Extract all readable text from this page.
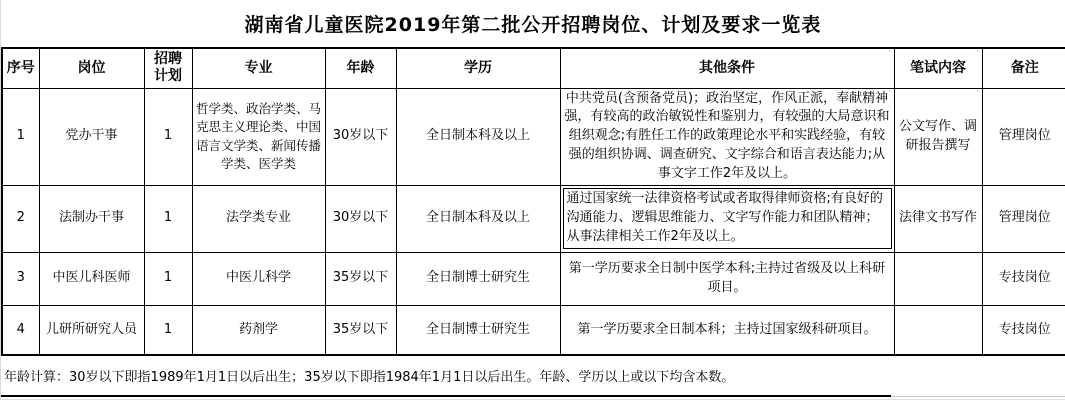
湖南省儿童医院2019年第二批公开招聘岗位、计划及要求一览表
序号	岗位	招聘计划	专业	年龄	学历	其他条件	笔试内容	备注
1	党办干事	1	哲学类、政治学类、马克思主义理论类、中国语言文学类、新闻传播学类、医学类	30岁以下	全日制本科及以上	中共党员(含预备党员)；政治坚定，作风正派，奉献精神强，有较高的政治敏锐性和鉴别力，有较强的大局意识和组织观念;有胜任工作的政策理论水平和实践经验，有较强的组织协调、调查研究、文字综合和语言表达能力;从事文字工作2年及以上。	公文写作、调研报告撰写	管理岗位
2	法制办干事	1	法学类专业	30岁以下	全日制本科及以上	通过国家统一法律资格考试或者取得律师资格;有良好的沟通能力、逻辑思维能力、文字写作能力和团队精神；从事法律相关工作2年及以上。	法律文书写作	管理岗位
3	中医儿科医师	1	中医儿科学	35岁以下	全日制博士研究生	第一学历要求全日制中医学本科;主持过省级及以上科研项目。		专技岗位
4	儿研所研究人员	1	药剂学	35岁以下	全日制博士研究生	第一学历要求全日制本科；主持过国家级科研项目。		专技岗位
年龄计算：30岁以下即指1989年1月1日以后出生；35岁以下即指1984年1月1日以后出生。年龄、学历以上或以下均含本数。
